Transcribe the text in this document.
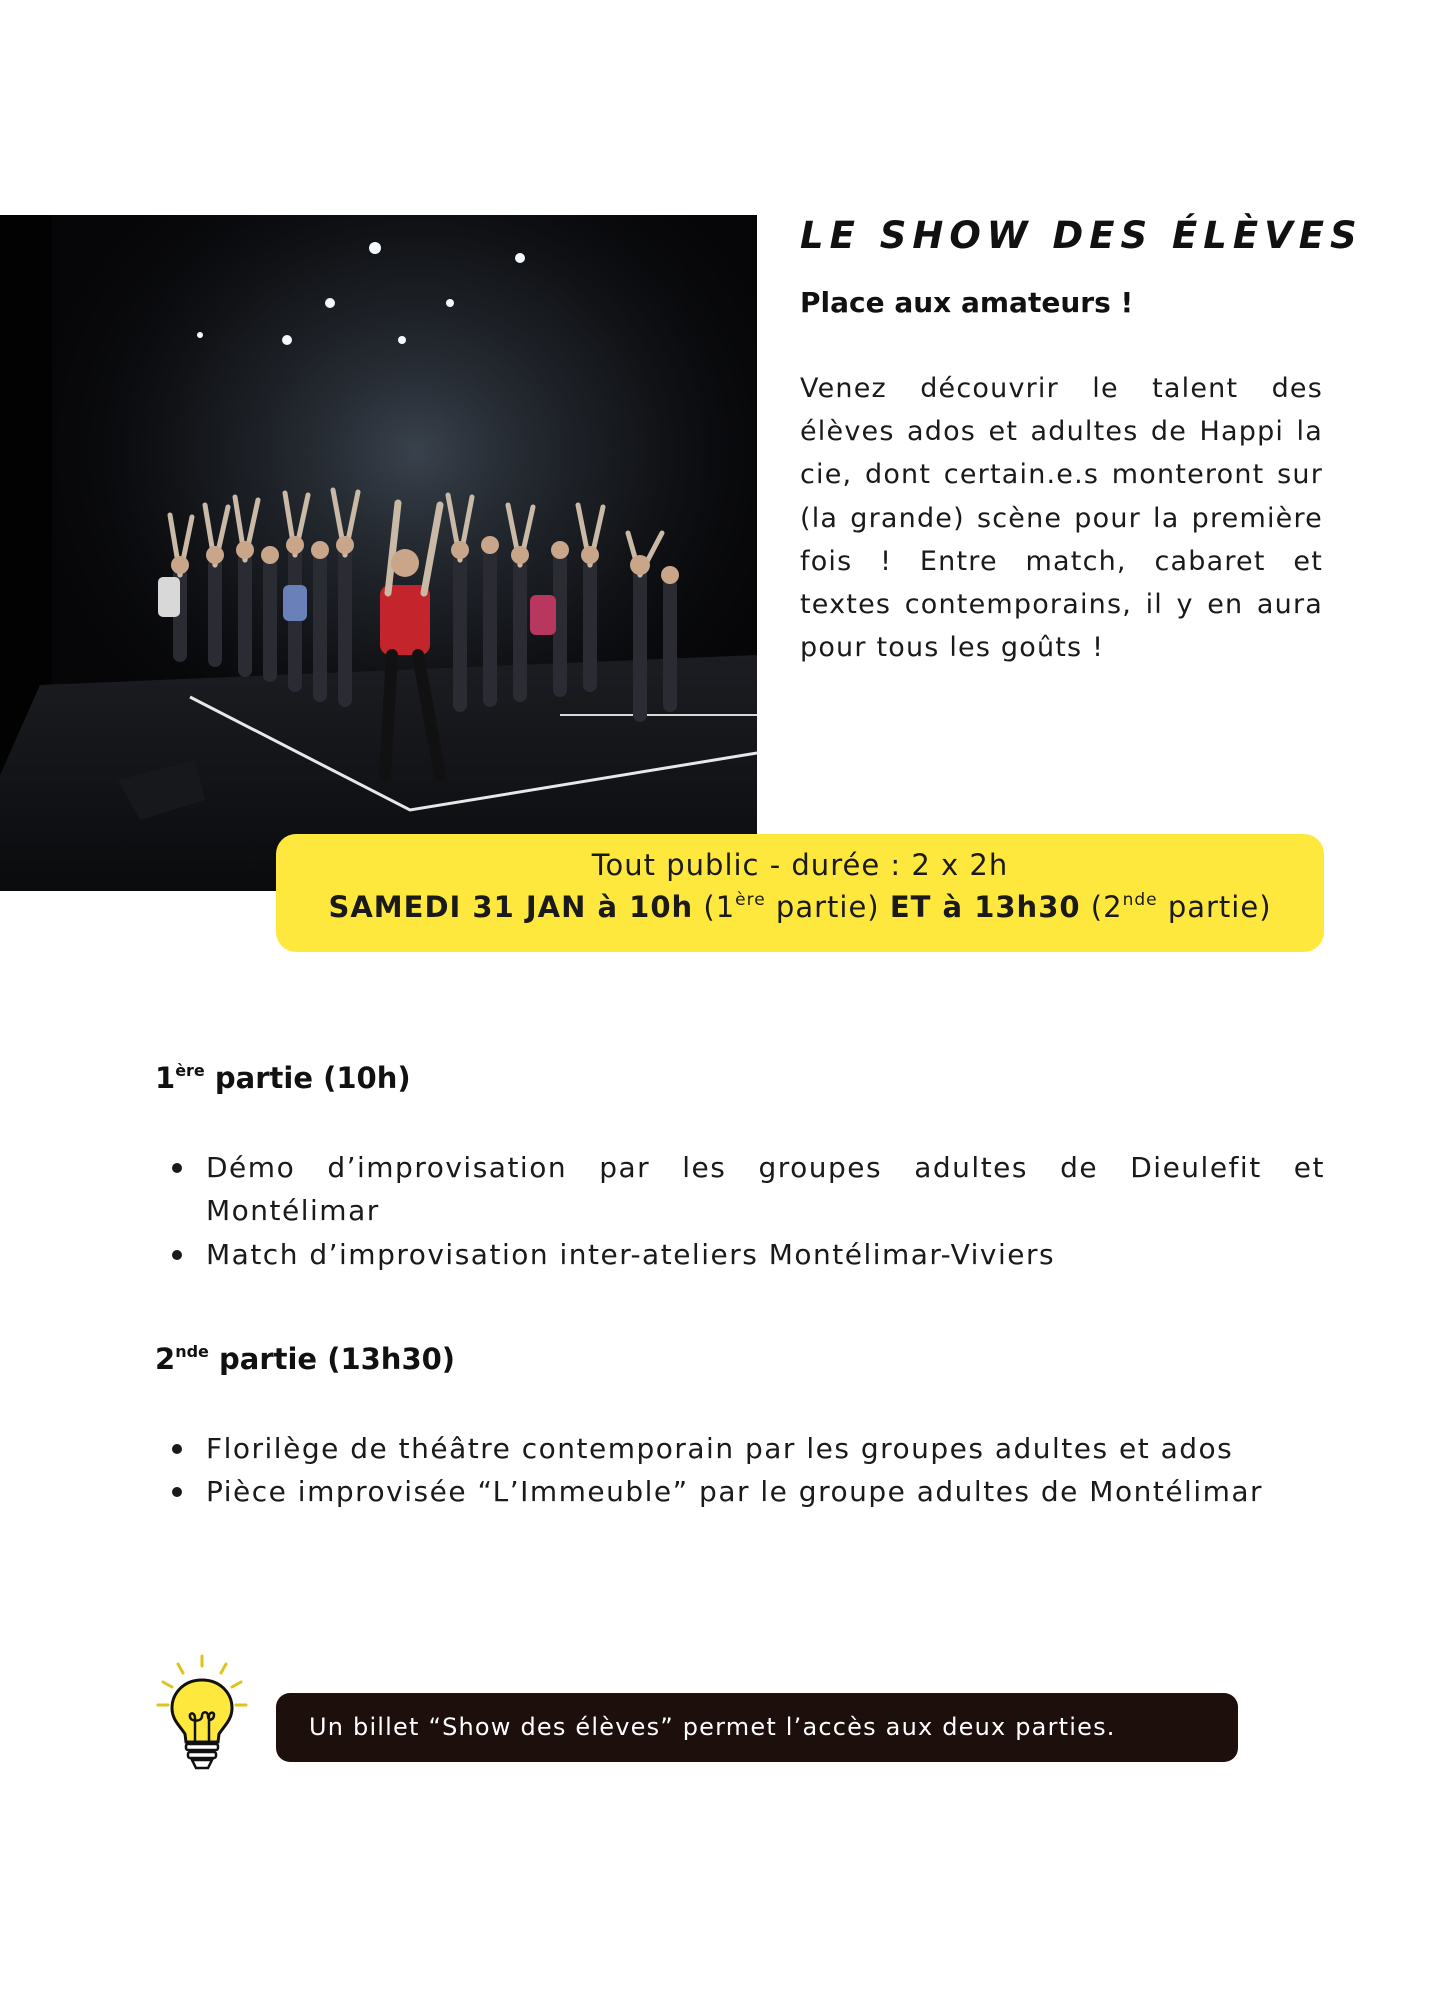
LE SHOW DES ÉLÈVES
Place aux amateurs !

Venez découvrir le talent des élèves ados et adultes de Happi la cie, dont certain.e.s monteront sur (la grande) scène pour la première fois ! Entre match, cabaret et textes contemporains, il y en aura pour tous les goûts !

Tout public - durée : 2 x 2h
SAMEDI 31 JAN à 10h (1ère partie) ET à 13h30 (2nde partie)
1ère partie (10h)
Démo d’improvisation par les groupes adultes de Dieulefit et Montélimar
Match d’improvisation inter-ateliers Montélimar-Viviers
2nde partie (13h30)
Florilège de théâtre contemporain par les groupes adultes et ados
Pièce improvisée “L’Immeuble” par le groupe adultes de Montélimar
Un billet “Show des élèves” permet l’accès aux deux parties.
